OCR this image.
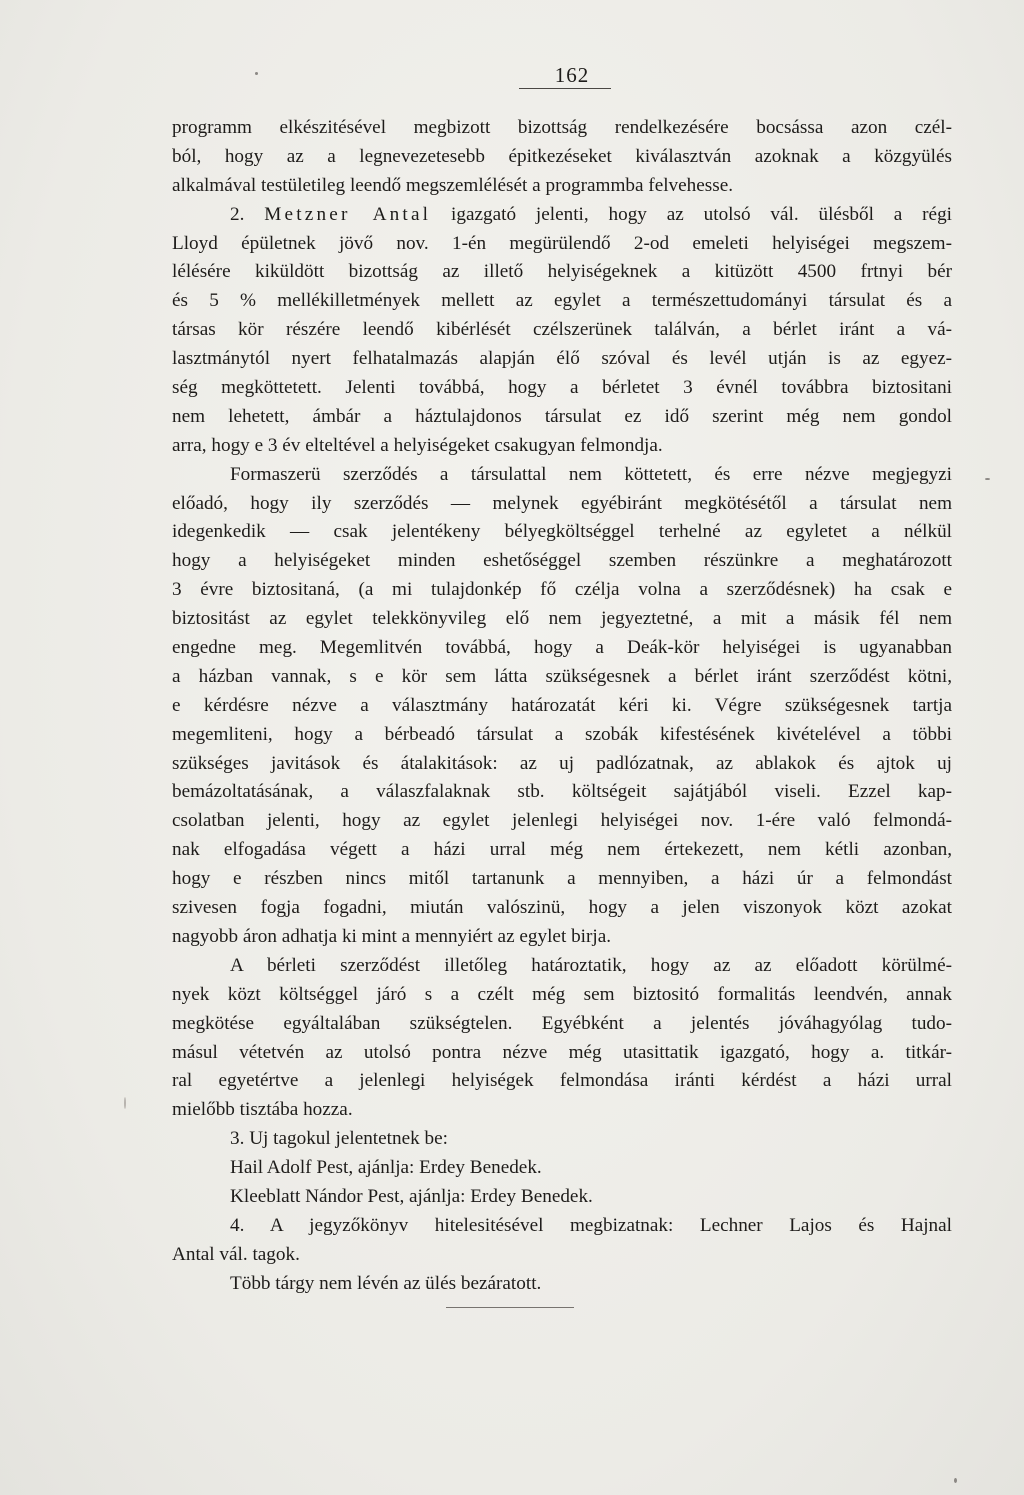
162
programm elkészitésével megbizott bizottság rendelkezésére bocsássa azon czél-
ból, hogy az a legnevezetesebb épitkezéseket kiválasztván azoknak a közgyülés
alkalmával testületileg leendő megszemlélését a programmba felvehesse.
2. Metzner Antal igazgató jelenti, hogy az utolsó vál. ülésből a régi
Lloyd épületnek jövő nov. 1-én megürülendő 2-od emeleti helyiségei megszem-
lélésére kiküldött bizottság az illető helyiségeknek a kitüzött 4500 frtnyi bér
és 5 % mellékilletmények mellett az egylet a természettudományi társulat és a
társas kör részére leendő kibérlését czélszerünek találván, a bérlet iránt a vá-
lasztmánytól nyert felhatalmazás alapján élő szóval és levél utján is az egyez-
ség megköttetett. Jelenti továbbá, hogy a bérletet 3 évnél továbbra biztositani
nem lehetett, ámbár a háztulajdonos társulat ez idő szerint még nem gondol
arra, hogy e 3 év elteltével a helyiségeket csakugyan felmondja.
Formaszerü szerződés a társulattal nem köttetett, és erre nézve megjegyzi
előadó, hogy ily szerződés — melynek egyébiránt megkötésétől a társulat nem
idegenkedik — csak jelentékeny bélyegköltséggel terhelné az egyletet a nélkül
hogy a helyiségeket minden eshetőséggel szemben részünkre a meghatározott
3 évre biztositaná, (a mi tulajdonkép fő czélja volna a szerződésnek) ha csak e
biztositást az egylet telekkönyvileg elő nem jegyeztetné, a mit a másik fél nem
engedne meg. Megemlitvén továbbá, hogy a Deák-kör helyiségei is ugyanabban
a házban vannak, s e kör sem látta szükségesnek a bérlet iránt szerződést kötni,
e kérdésre nézve a választmány határozatát kéri ki. Végre szükségesnek tartja
megemliteni, hogy a bérbeadó társulat a szobák kifestésének kivételével a többi
szükséges javitások és átalakitások: az uj padlózatnak, az ablakok és ajtok uj
bemázoltatásának, a válaszfalaknak stb. költségeit sajátjából viseli. Ezzel kap-
csolatban jelenti, hogy az egylet jelenlegi helyiségei nov. 1-ére való felmondá-
nak elfogadása végett a házi urral még nem értekezett, nem kétli azonban,
hogy e részben nincs mitől tartanunk a mennyiben, a házi úr a felmondást
szivesen fogja fogadni, miután valószinü, hogy a jelen viszonyok közt azokat
nagyobb áron adhatja ki mint a mennyiért az egylet birja.
A bérleti szerződést illetőleg határoztatik, hogy az az előadott körülmé-
nyek közt költséggel járó s a czélt még sem biztositó formalitás leendvén, annak
megkötése egyáltalában szükségtelen. Egyébként a jelentés jóváhagyólag tudo-
másul vétetvén az utolsó pontra nézve még utasittatik igazgató, hogy a. titkár-
ral egyetértve a jelenlegi helyiségek felmondása iránti kérdést a házi urral
mielőbb tisztába hozza.
3. Uj tagokul jelentetnek be:
Hail Adolf Pest, ajánlja: Erdey Benedek.
Kleeblatt Nándor Pest, ajánlja: Erdey Benedek.
4. A jegyzőkönyv hitelesitésével megbizatnak: Lechner Lajos és Hajnal
Antal vál. tagok.
Több tárgy nem lévén az ülés bezáratott.
